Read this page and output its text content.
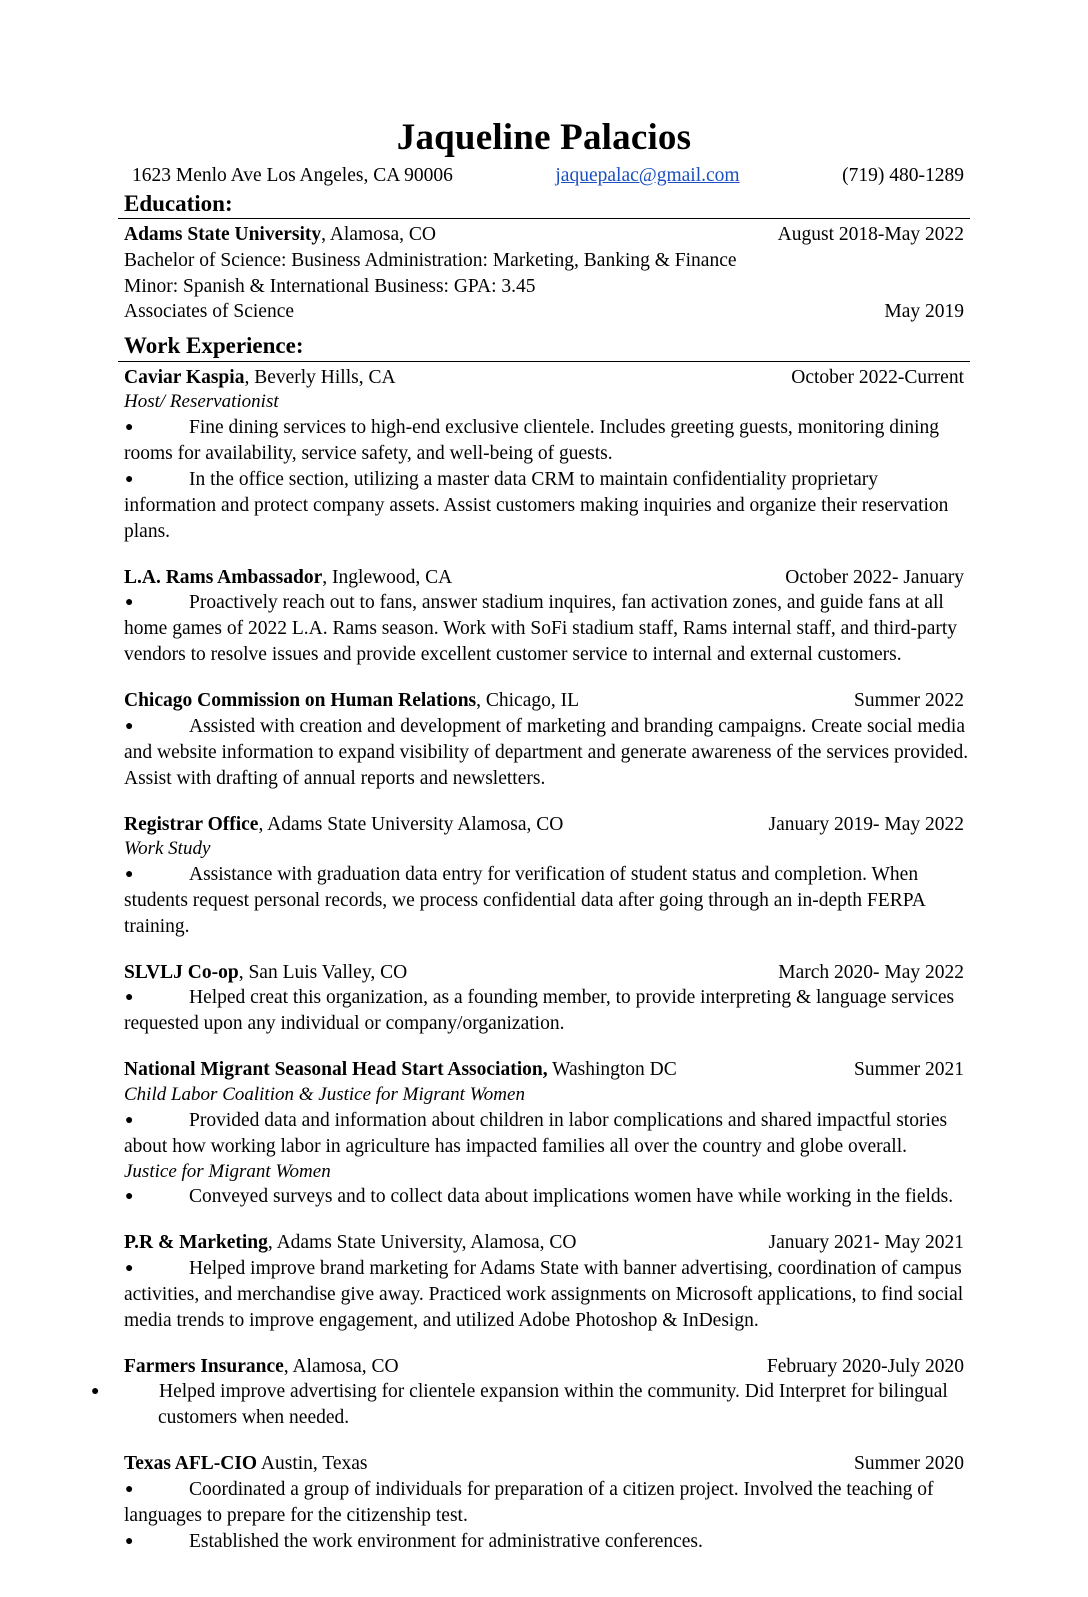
Jaqueline Palacios
1623 Menlo Ave Los Angeles, CA 90006	jaquepalac@gmail.com	(719) 480-1289
Education:
Adams State University, Alamosa, CO	August 2018-May 2022
Bachelor of Science: Business Administration: Marketing, Banking & Finance
Minor: Spanish & International Business: GPA: 3.45
Associates of Science	May 2019
Work Experience:
Caviar Kaspia, Beverly Hills, CA	October 2022-Current
Host/ Reservationist
●Fine dining services to high-end exclusive clientele. Includes greeting guests, monitoring dining rooms for availability, service safety, and well-being of guests.
●In the office section, utilizing a master data CRM to maintain confidentiality proprietary information and protect company assets. Assist customers making inquiries and organize their reservation plans.
L.A. Rams Ambassador, Inglewood, CA	October 2022- January
●Proactively reach out to fans, answer stadium inquires, fan activation zones, and guide fans at all home games of 2022 L.A. Rams season. Work with SoFi stadium staff, Rams internal staff, and third-party vendors to resolve issues and provide excellent customer service to internal and external customers.
Chicago Commission on Human Relations, Chicago, IL	Summer 2022
●Assisted with creation and development of marketing and branding campaigns. Create social media and website information to expand visibility of department and generate awareness of the services provided. Assist with drafting of annual reports and newsletters.
Registrar Office, Adams State University Alamosa, CO	January 2019- May 2022
Work Study
●Assistance with graduation data entry for verification of student status and completion. When students request personal records, we process confidential data after going through an in-depth FERPA training.
SLVLJ Co-op, San Luis Valley, CO	March 2020- May 2022
●Helped creat this organization, as a founding member, to provide interpreting & language services requested upon any individual or company/organization.
National Migrant Seasonal Head Start Association, Washington DC	Summer 2021
Child Labor Coalition & Justice for Migrant Women
●Provided data and information about children in labor complications and shared impactful stories about how working labor in agriculture has impacted families all over the country and globe overall.
Justice for Migrant Women
●Conveyed surveys and to collect data about implications women have while working in the fields.
P.R & Marketing, Adams State University, Alamosa, CO	January 2021- May 2021
●Helped improve brand marketing for Adams State with banner advertising, coordination of campus activities, and merchandise give away. Practiced work assignments on Microsoft applications, to find social media trends to improve engagement, and utilized Adobe Photoshop & InDesign.
Farmers Insurance, Alamosa, CO	February 2020-July 2020
●Helped improve advertising for clientele expansion within the community. Did Interpret for bilingual customers when needed.
Texas AFL-CIO Austin, Texas	Summer 2020
●Coordinated a group of individuals for preparation of a citizen project. Involved the teaching of languages to prepare for the citizenship test.
●Established the work environment for administrative conferences.
